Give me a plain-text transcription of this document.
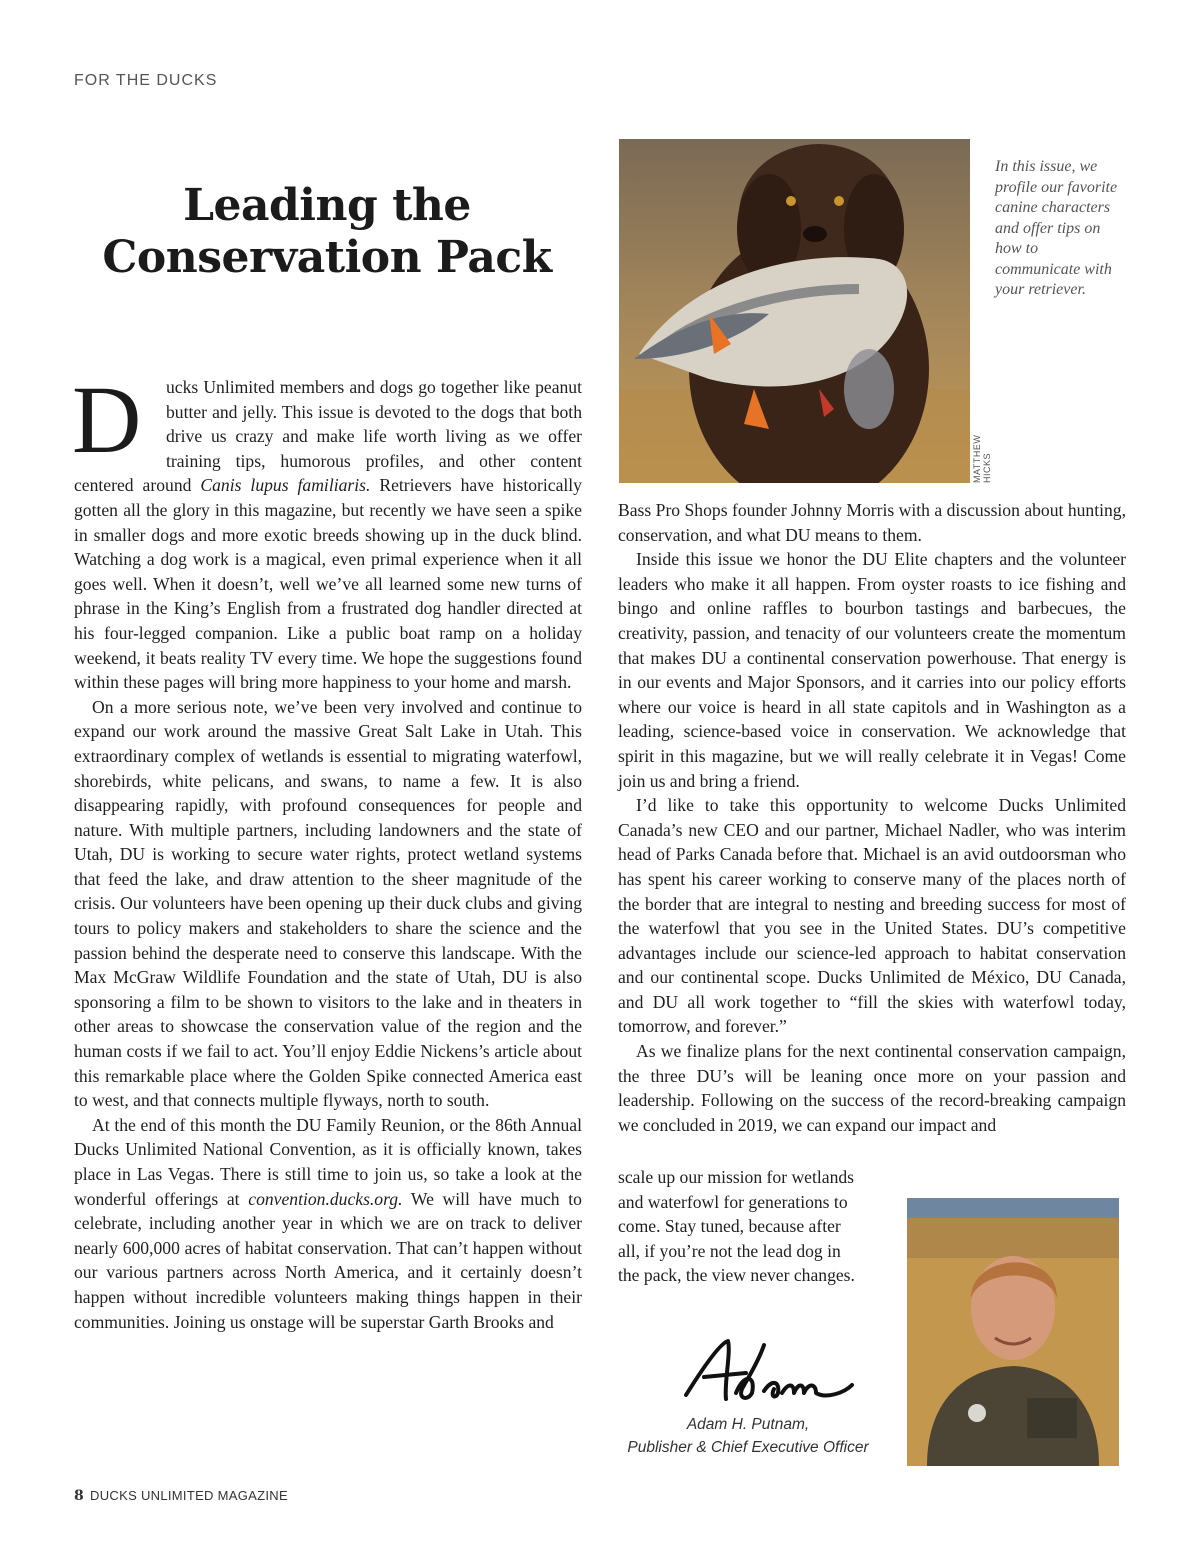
FOR THE DUCKS
Leading the
Conservation Pack

D	ucks Unlimited members and dogs go together like peanut butter and jelly. This issue is devoted to the dogs that both drive us crazy and make life worth living as we offer training tips, humorous profiles, and other content centered around Canis lupus familiaris. Retrievers have historically gotten all the glory in this magazine, but recently we have seen a spike in smaller dogs and more exotic breeds showing up in the duck blind. Watching a dog work is a magical, even primal experience when it all goes well. When it doesn’t, well we’ve all learned some new turns of phrase in the King’s English from a frustrated dog handler directed at his four-legged companion. Like a public boat ramp on a holiday weekend, it beats reality TV every time. We hope the suggestions found within these pages will bring more happiness to your home and marsh.

On a more serious note, we’ve been very involved and continue to expand our work around the massive Great Salt Lake in Utah. This extraordinary complex of wetlands is essential to migrating waterfowl, shorebirds, white pelicans, and swans, to name a few. It is also disappearing rapidly, with profound consequences for people and nature. With multiple partners, including landowners and the state of Utah, DU is working to secure water rights, protect wetland systems that feed the lake, and draw attention to the sheer magnitude of the crisis. Our volunteers have been opening up their duck clubs and giving tours to policy makers and stakeholders to share the science and the passion behind the desperate need to conserve this landscape. With the Max McGraw Wildlife Foundation and the state of Utah, DU is also sponsoring a film to be shown to visitors to the lake and in theaters in other areas to showcase the conservation value of the region and the human costs if we fail to act. You’ll enjoy Eddie Nickens’s article about this remarkable place where the Golden Spike connected America east to west, and that connects multiple flyways, north to south.

At the end of this month the DU Family Reunion, or the 86th Annual Ducks Unlimited National Convention, as it is officially known, takes place in Las Vegas. There is still time to join us, so take a look at the wonderful offerings at convention.ducks.org. We will have much to celebrate, including another year in which we are on track to deliver nearly 600,000 acres of habitat conservation. That can’t happen without our various partners across North America, and it certainly doesn’t happen without incredible volunteers making things happen in their communities. Joining us onstage will be superstar Garth Brooks and

MATTHEW HICKS
In this issue, we profile our favorite canine characters and offer tips on how to communicate with your retriever.

Bass Pro Shops founder Johnny Morris with a discussion about hunting, conservation, and what DU means to them.

Inside this issue we honor the DU Elite chapters and the volunteer leaders who make it all happen. From oyster roasts to ice fishing and bingo and online raffles to bourbon tastings and barbecues, the creativity, passion, and tenacity of our volunteers create the momentum that makes DU a continental conservation powerhouse. That energy is in our events and Major Sponsors, and it carries into our policy efforts where our voice is heard in all state capitols and in Washington as a leading, science-based voice in conservation. We acknowledge that spirit in this magazine, but we will really celebrate it in Vegas! Come join us and bring a friend.

I’d like to take this opportunity to welcome Ducks Unlimited Canada’s new CEO and our partner, Michael Nadler, who was interim head of Parks Canada before that. Michael is an avid outdoorsman who has spent his career working to conserve many of the places north of the border that are integral to nesting and breeding success for most of the waterfowl that you see in the United States. DU’s competitive advantages include our science-led approach to habitat conservation and our continental scope. Ducks Unlimited de México, DU Canada, and DU all work together to “fill the skies with waterfowl today, tomorrow, and forever.”

As we finalize plans for the next continental conservation campaign, the three DU’s will be leaning once more on your passion and leadership. Following on the success of the record-breaking campaign we concluded in 2019, we can expand our impact and

scale up our mission for wetlands and waterfowl for generations to come. Stay tuned, because after all, if you’re not the lead dog in the pack, the view never changes.
Adam H. Putnam,
Publisher & Chief Executive Officer
8 DUCKS UNLIMITED MAGAZINE
